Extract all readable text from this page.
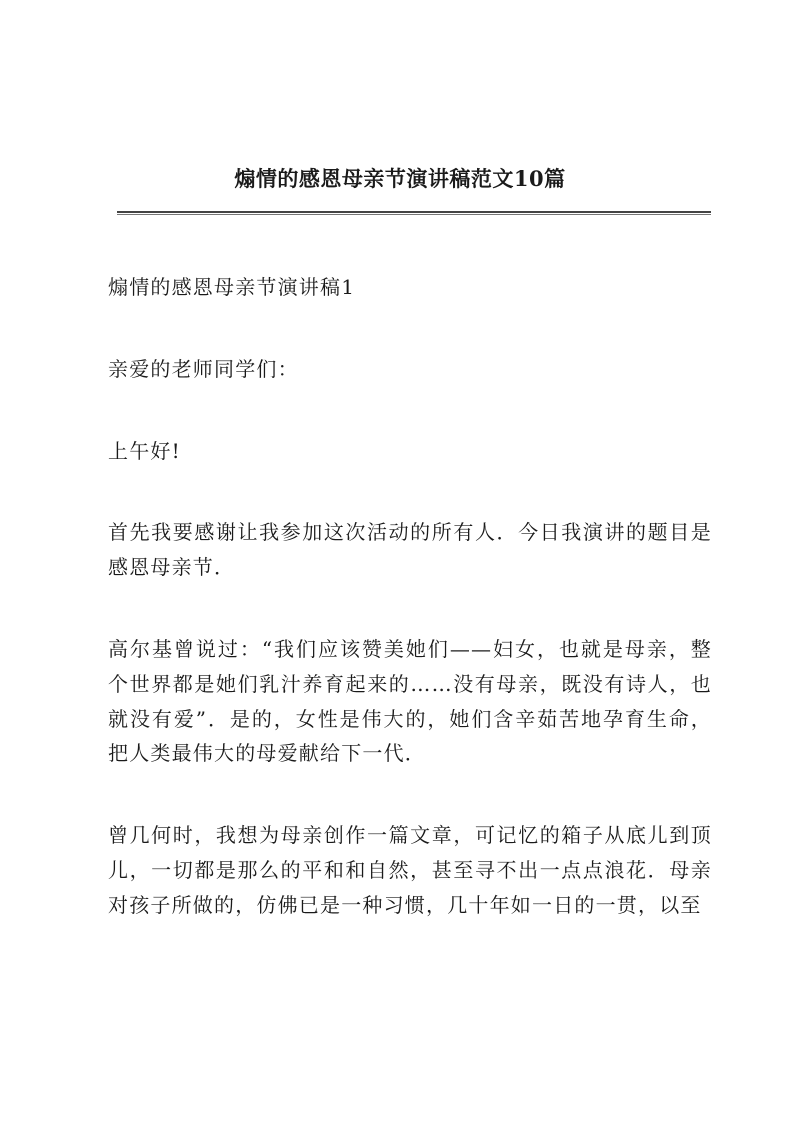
煽情的感恩母亲节演讲稿范文10篇

煽情的感恩母亲节演讲稿1

亲爱的老师同学们：

上午好!

首先我要感谢让我参加这次活动的所有人．今日我演讲的题目是感恩母亲节．

高尔基曾说过：“我们应该赞美她们——妇女，也就是母亲，整个世界都是她们乳汁养育起来的……没有母亲，既没有诗人，也就没有爱”．是的，女性是伟大的，她们含辛茹苦地孕育生命，把人类最伟大的母爱献给下一代．

曾几何时，我想为母亲创作一篇文章，可记忆的箱子从底儿到顶儿，一切都是那么的平和和自然，甚至寻不出一点点浪花．母亲对孩子所做的，仿佛已是一种习惯，几十年如一日的一贯，以至
